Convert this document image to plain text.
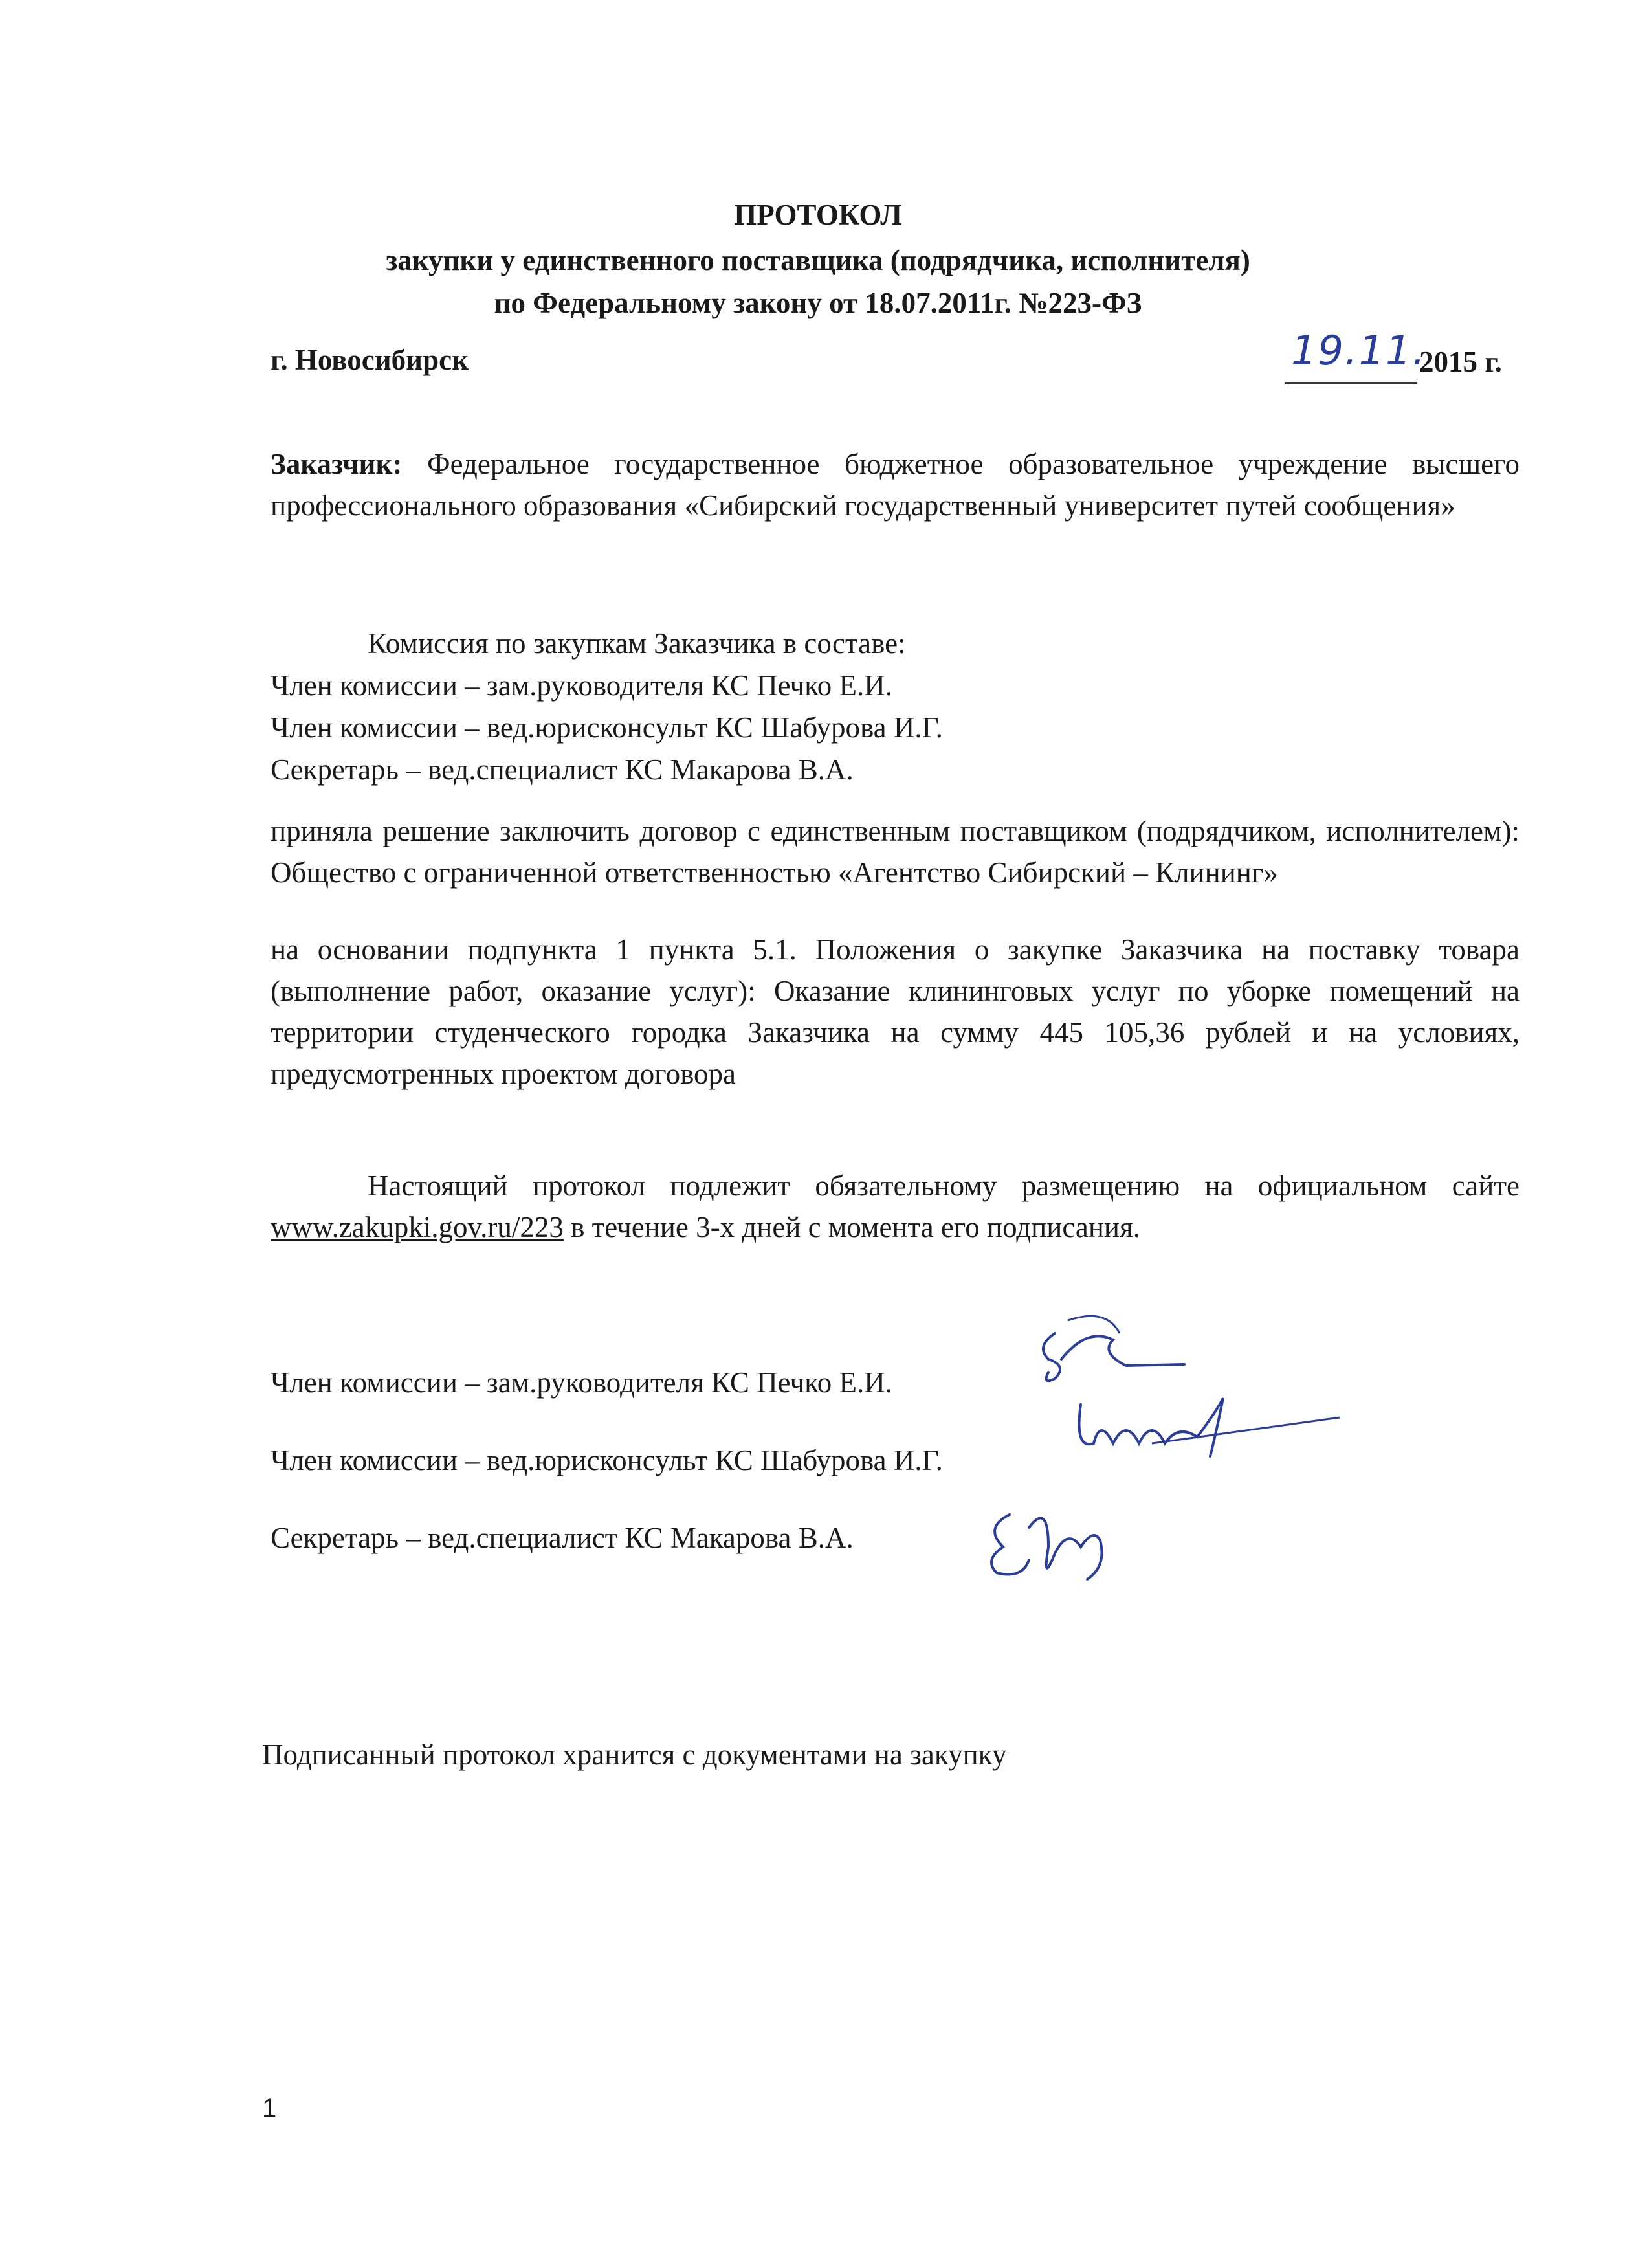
ПРОТОКОЛ
закупки у единственного поставщика (подрядчика, исполнителя)
по Федеральному закону от 18.07.2011г. №223-ФЗ
г. Новосибирск	19.11.
2015 г.
Заказчик: Федеральное государственное бюджетное образовательное учреждение высшего профессионального образования «Сибирский государственный университет путей сообщения»
Комиссия по закупкам Заказчика в составе:
Член комиссии – зам.руководителя КС Печко Е.И.
Член комиссии – вед.юрисконсульт КС Шабурова И.Г.
Секретарь – вед.специалист КС Макарова В.А.
приняла решение заключить договор с единственным поставщиком (подрядчиком, исполнителем): Общество с ограниченной ответственностью «Агентство Сибирский – Клининг»
на основании подпункта 1 пункта 5.1. Положения о закупке Заказчика на поставку товара (выполнение работ, оказание услуг): Оказание клининговых услуг по уборке помещений на территории студенческого городка Заказчика на сумму 445 105,36 рублей и на условиях, предусмотренных проектом договора
Настоящий протокол подлежит обязательному размещению на официальном сайте www.zakupki.gov.ru/223 в течение 3-х дней с момента его подписания.
Член комиссии – зам.руководителя КС Печко Е.И.
Член комиссии – вед.юрисконсульт КС Шабурова И.Г.
Секретарь – вед.специалист КС Макарова В.А.
Подписанный протокол хранится с документами на закупку
1
